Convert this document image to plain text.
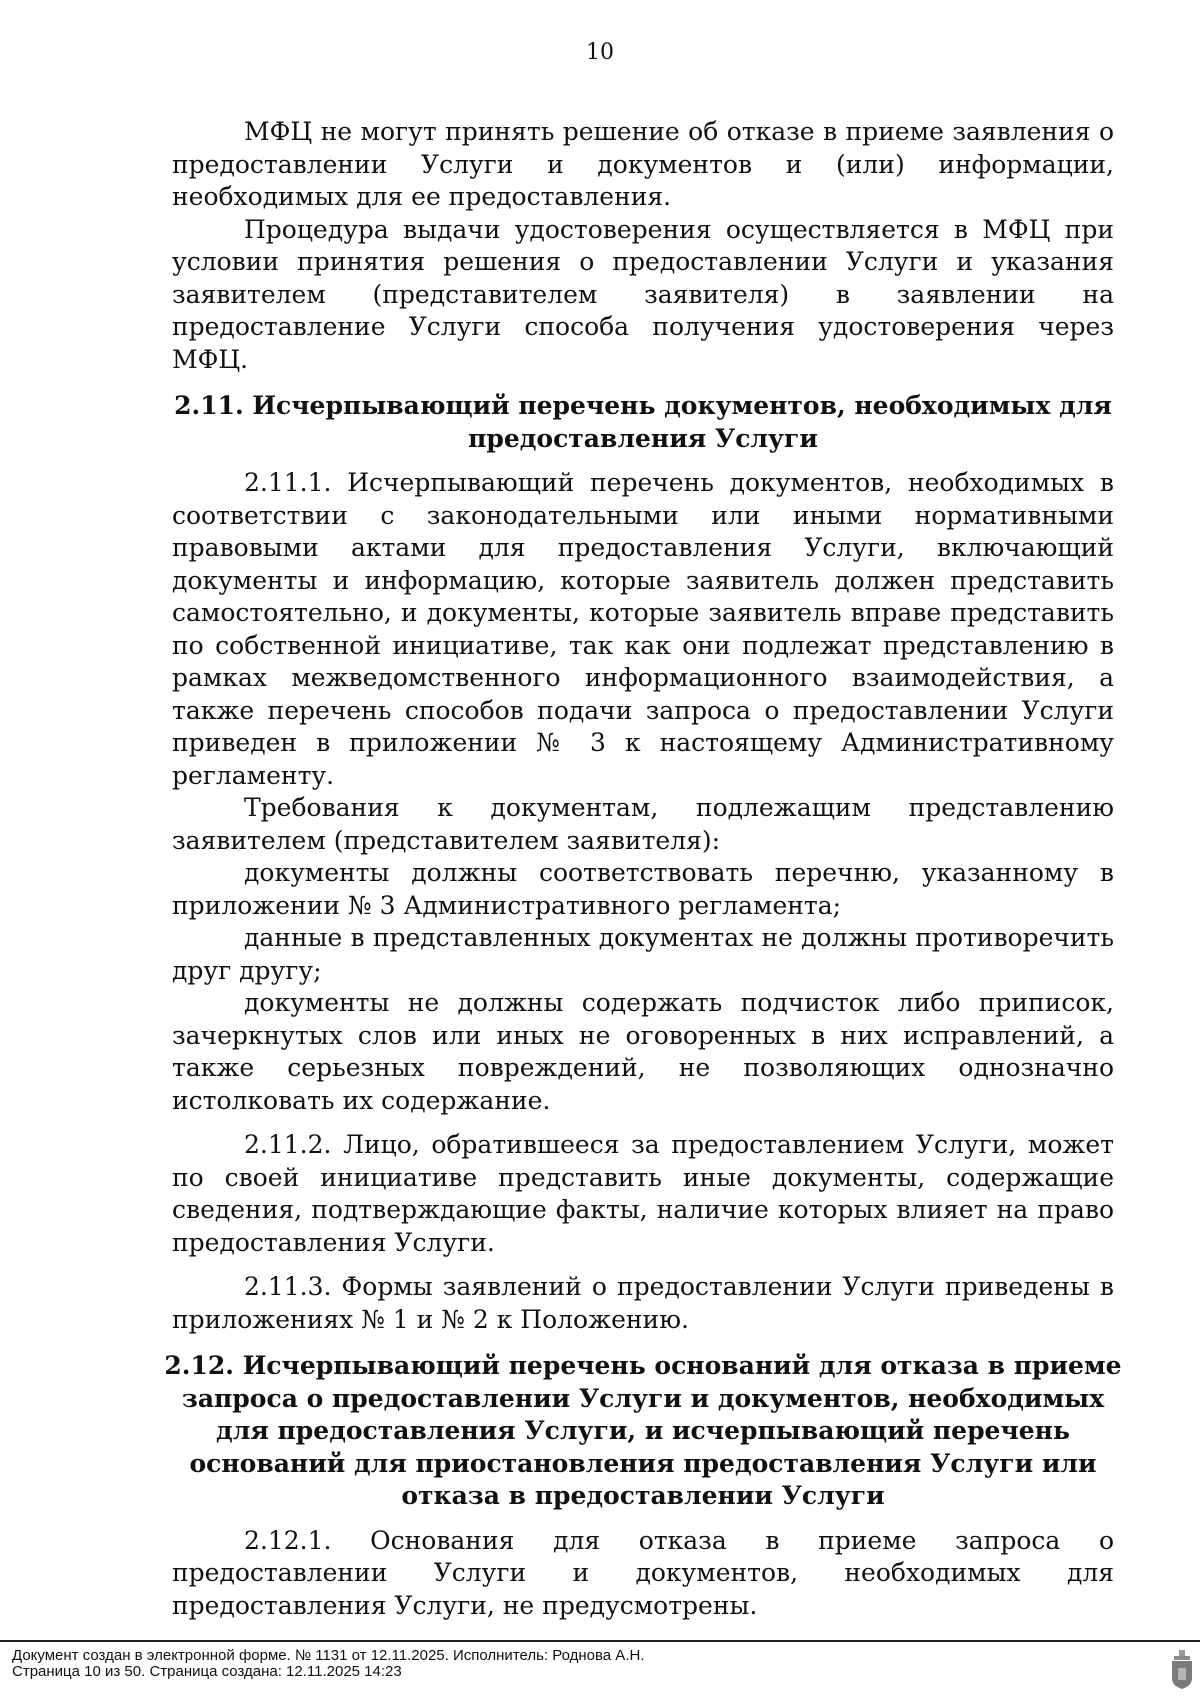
10

МФЦ не могут принять решение об отказе в приеме заявления о предоставлении Услуги и документов и (или) информации, необходимых для ее предоставления.

Процедура выдачи удостоверения осуществляется в МФЦ при условии принятия решения о предоставлении Услуги и указания заявителем (представителем заявителя) в заявлении на предоставление Услуги способа получения удостоверения через МФЦ.

2.11. Исчерпывающий перечень документов, необходимых для предоставления Услуги

2.11.1. Исчерпывающий перечень документов, необходимых в соответствии с законодательными или иными нормативными правовыми актами для предоставления Услуги, включающий документы и информацию, которые заявитель должен представить самостоятельно, и документы, которые заявитель вправе представить по собственной инициативе, так как они подлежат представлению в рамках межведомственного информационного взаимодействия, а также перечень способов подачи запроса о предоставлении Услуги приведен в приложении № 3 к настоящему Административному регламенту.

Требования к документам, подлежащим представлению заявителем (представителем заявителя):

документы должны соответствовать перечню, указанному в приложении № 3 Административного регламента;

данные в представленных документах не должны противоречить друг другу;

документы не должны содержать подчисток либо приписок, зачеркнутых слов или иных не оговоренных в них исправлений, а также серьезных повреждений, не позволяющих однозначно истолковать их содержание.

2.11.2. Лицо, обратившееся за предоставлением Услуги, может по своей инициативе представить иные документы, содержащие сведения, подтверждающие факты, наличие которых влияет на право предоставления Услуги.

2.11.3. Формы заявлений о предоставлении Услуги приведены в приложениях № 1 и № 2 к Положению.

2.12. Исчерпывающий перечень оснований для отказа в приеме запроса о предоставлении Услуги и документов, необходимых для предоставления Услуги, и исчерпывающий перечень оснований для приостановления предоставления Услуги или отказа в предоставлении Услуги

2.12.1. Основания для отказа в приеме запроса о предоставлении Услуги и документов, необходимых для предоставления Услуги, не предусмотрены.

Документ создан в электронной форме. № 1131 от 12.11.2025. Исполнитель: Роднова А.Н.
Страница 10 из 50. Страница создана: 12.11.2025 14:23
